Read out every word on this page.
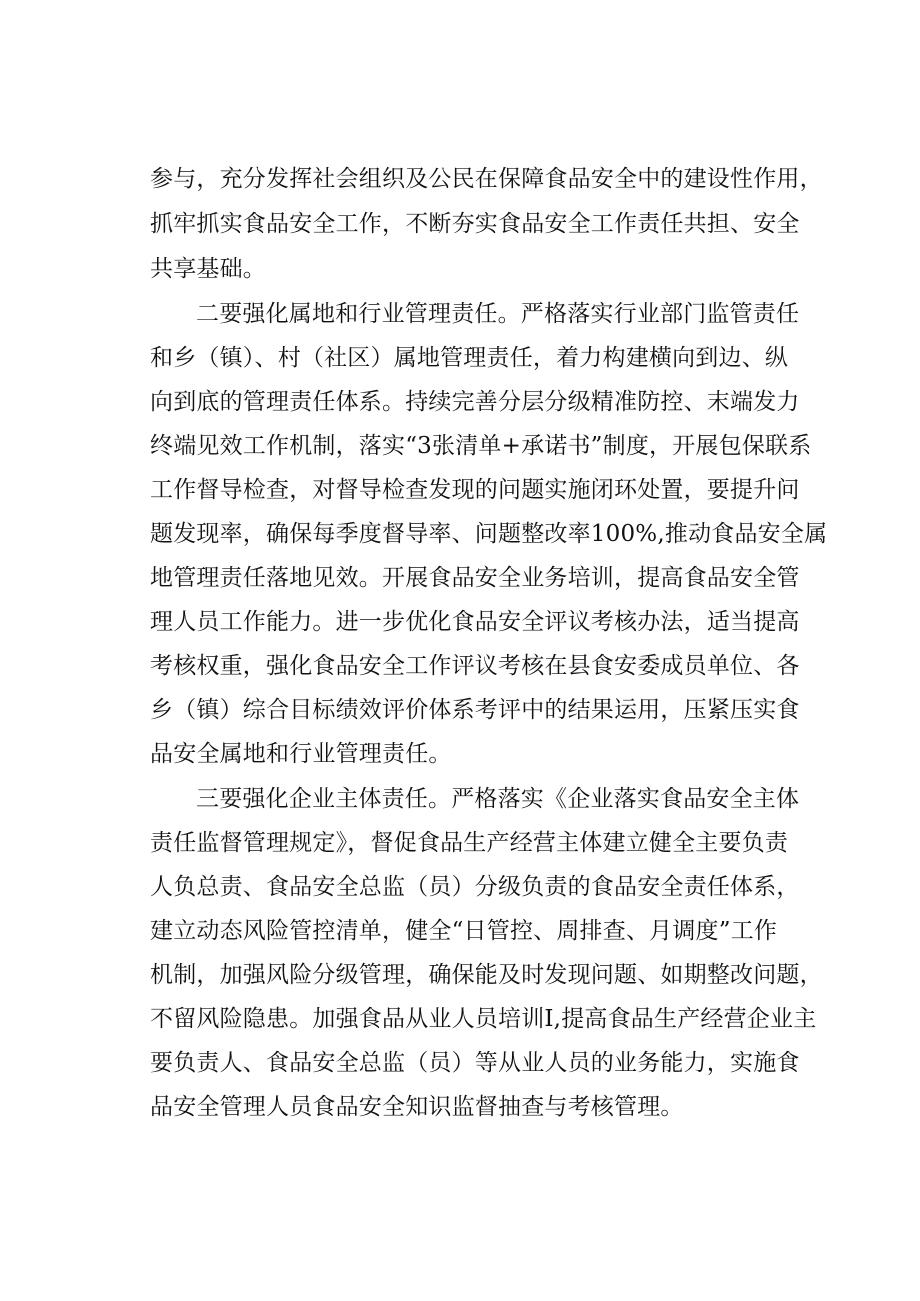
参与，充分发挥社会组织及公民在保障食品安全中的建设性作用，
抓牢抓实食品安全工作，不断夯实食品安全工作责任共担、安全
共享基础。
二要强化属地和行业管理责任。严格落实行业部门监管责任
和乡（镇）、村（社区）属地管理责任，着力构建横向到边、纵
向到底的管理责任体系。持续完善分层分级精准防控、末端发力
终端见效工作机制，落实“3张清单+承诺书”制度，开展包保联系
工作督导检查，对督导检查发现的问题实施闭环处置，要提升问
题发现率，确保每季度督导率、问题整改率100%,推动食品安全属
地管理责任落地见效。开展食品安全业务培训，提高食品安全管
理人员工作能力。进一步优化食品安全评议考核办法，适当提高
考核权重，强化食品安全工作评议考核在县食安委成员单位、各
乡（镇）综合目标绩效评价体系考评中的结果运用，压紧压实食
品安全属地和行业管理责任。
三要强化企业主体责任。严格落实《企业落实食品安全主体
责任监督管理规定》，督促食品生产经营主体建立健全主要负责
人负总责、食品安全总监（员）分级负责的食品安全责任体系，
建立动态风险管控清单，健全“日管控、周排查、月调度”工作
机制，加强风险分级管理，确保能及时发现问题、如期整改问题，
不留风险隐患。加强食品从业人员培训I,提高食品生产经营企业主
要负责人、食品安全总监（员）等从业人员的业务能力，实施食
品安全管理人员食品安全知识监督抽查与考核管理。
